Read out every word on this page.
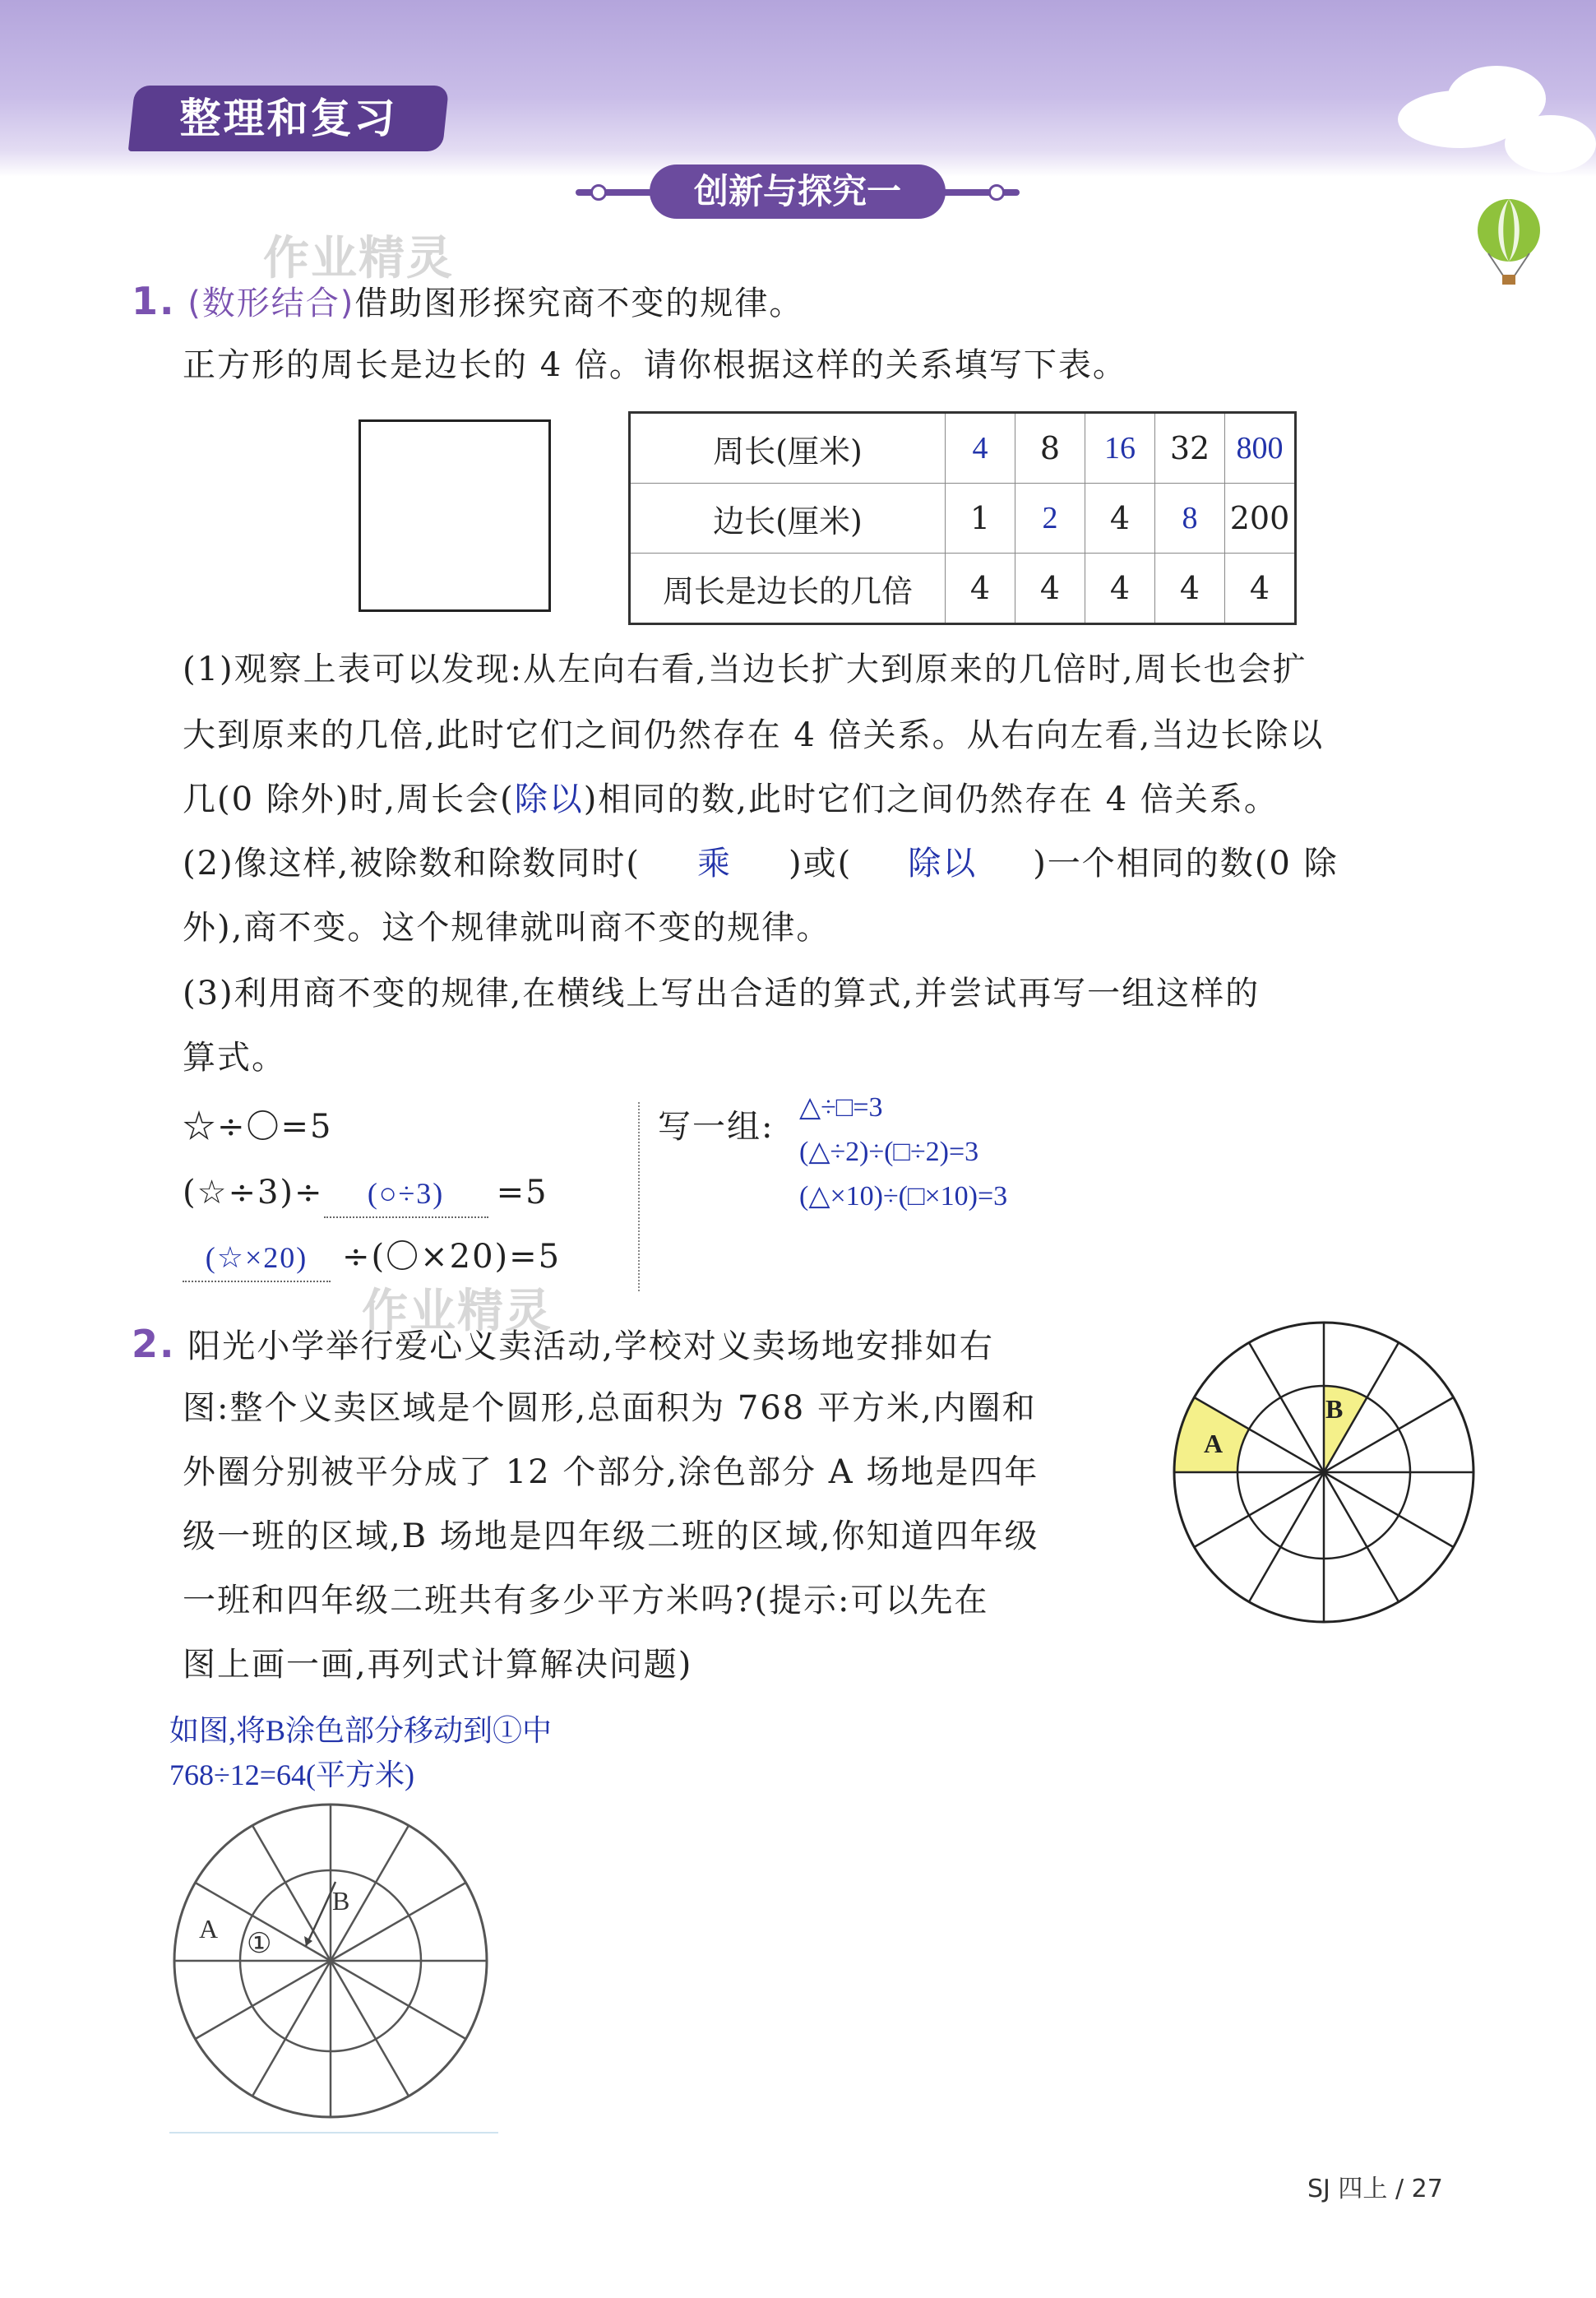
整理和复习
创新与探究一
作业精灵
作业精灵
1. (数形结合)借助图形探究商不变的规律。
正方形的周长是边长的 4 倍。请你根据这样的关系填写下表。
周长(厘米)	4	8	16	32	800
边长(厘米)	1	2	4	8	200
周长是边长的几倍	4	4	4	4	4
(1)观察上表可以发现:从左向右看,当边长扩大到原来的几倍时,周长也会扩
大到原来的几倍,此时它们之间仍然存在 4 倍关系。从右向左看,当边长除以
几(0 除外)时,周长会(除以)相同的数,此时它们之间仍然存在 4 倍关系。
(2)像这样,被除数和除数同时( 乘 )或( 除以 )一个相同的数(0 除
外),商不变。这个规律就叫商不变的规律。
(3)利用商不变的规律,在横线上写出合适的算式,并尝试再写一组这样的
算式。
☆÷〇=5
(☆÷3)÷ (○÷3) =5
(☆×20) ÷(〇×20)=5
写一组:
△÷□=3
(△÷2)÷(□÷2)=3
(△×10)÷(□×10)=3
2. 阳光小学举行爱心义卖活动,学校对义卖场地安排如右
图:整个义卖区域是个圆形,总面积为 768 平方米,内圈和
外圈分别被平分成了 12 个部分,涂色部分 A 场地是四年
级一班的区域,B 场地是四年级二班的区域,你知道四年级
一班和四年级二班共有多少平方米吗?(提示:可以先在
图上画一画,再列式计算解决问题)
A
B
如图,将B涂色部分移动到①中
768÷12=64(平方米)
A
B
①
SJ 四上 / 27
